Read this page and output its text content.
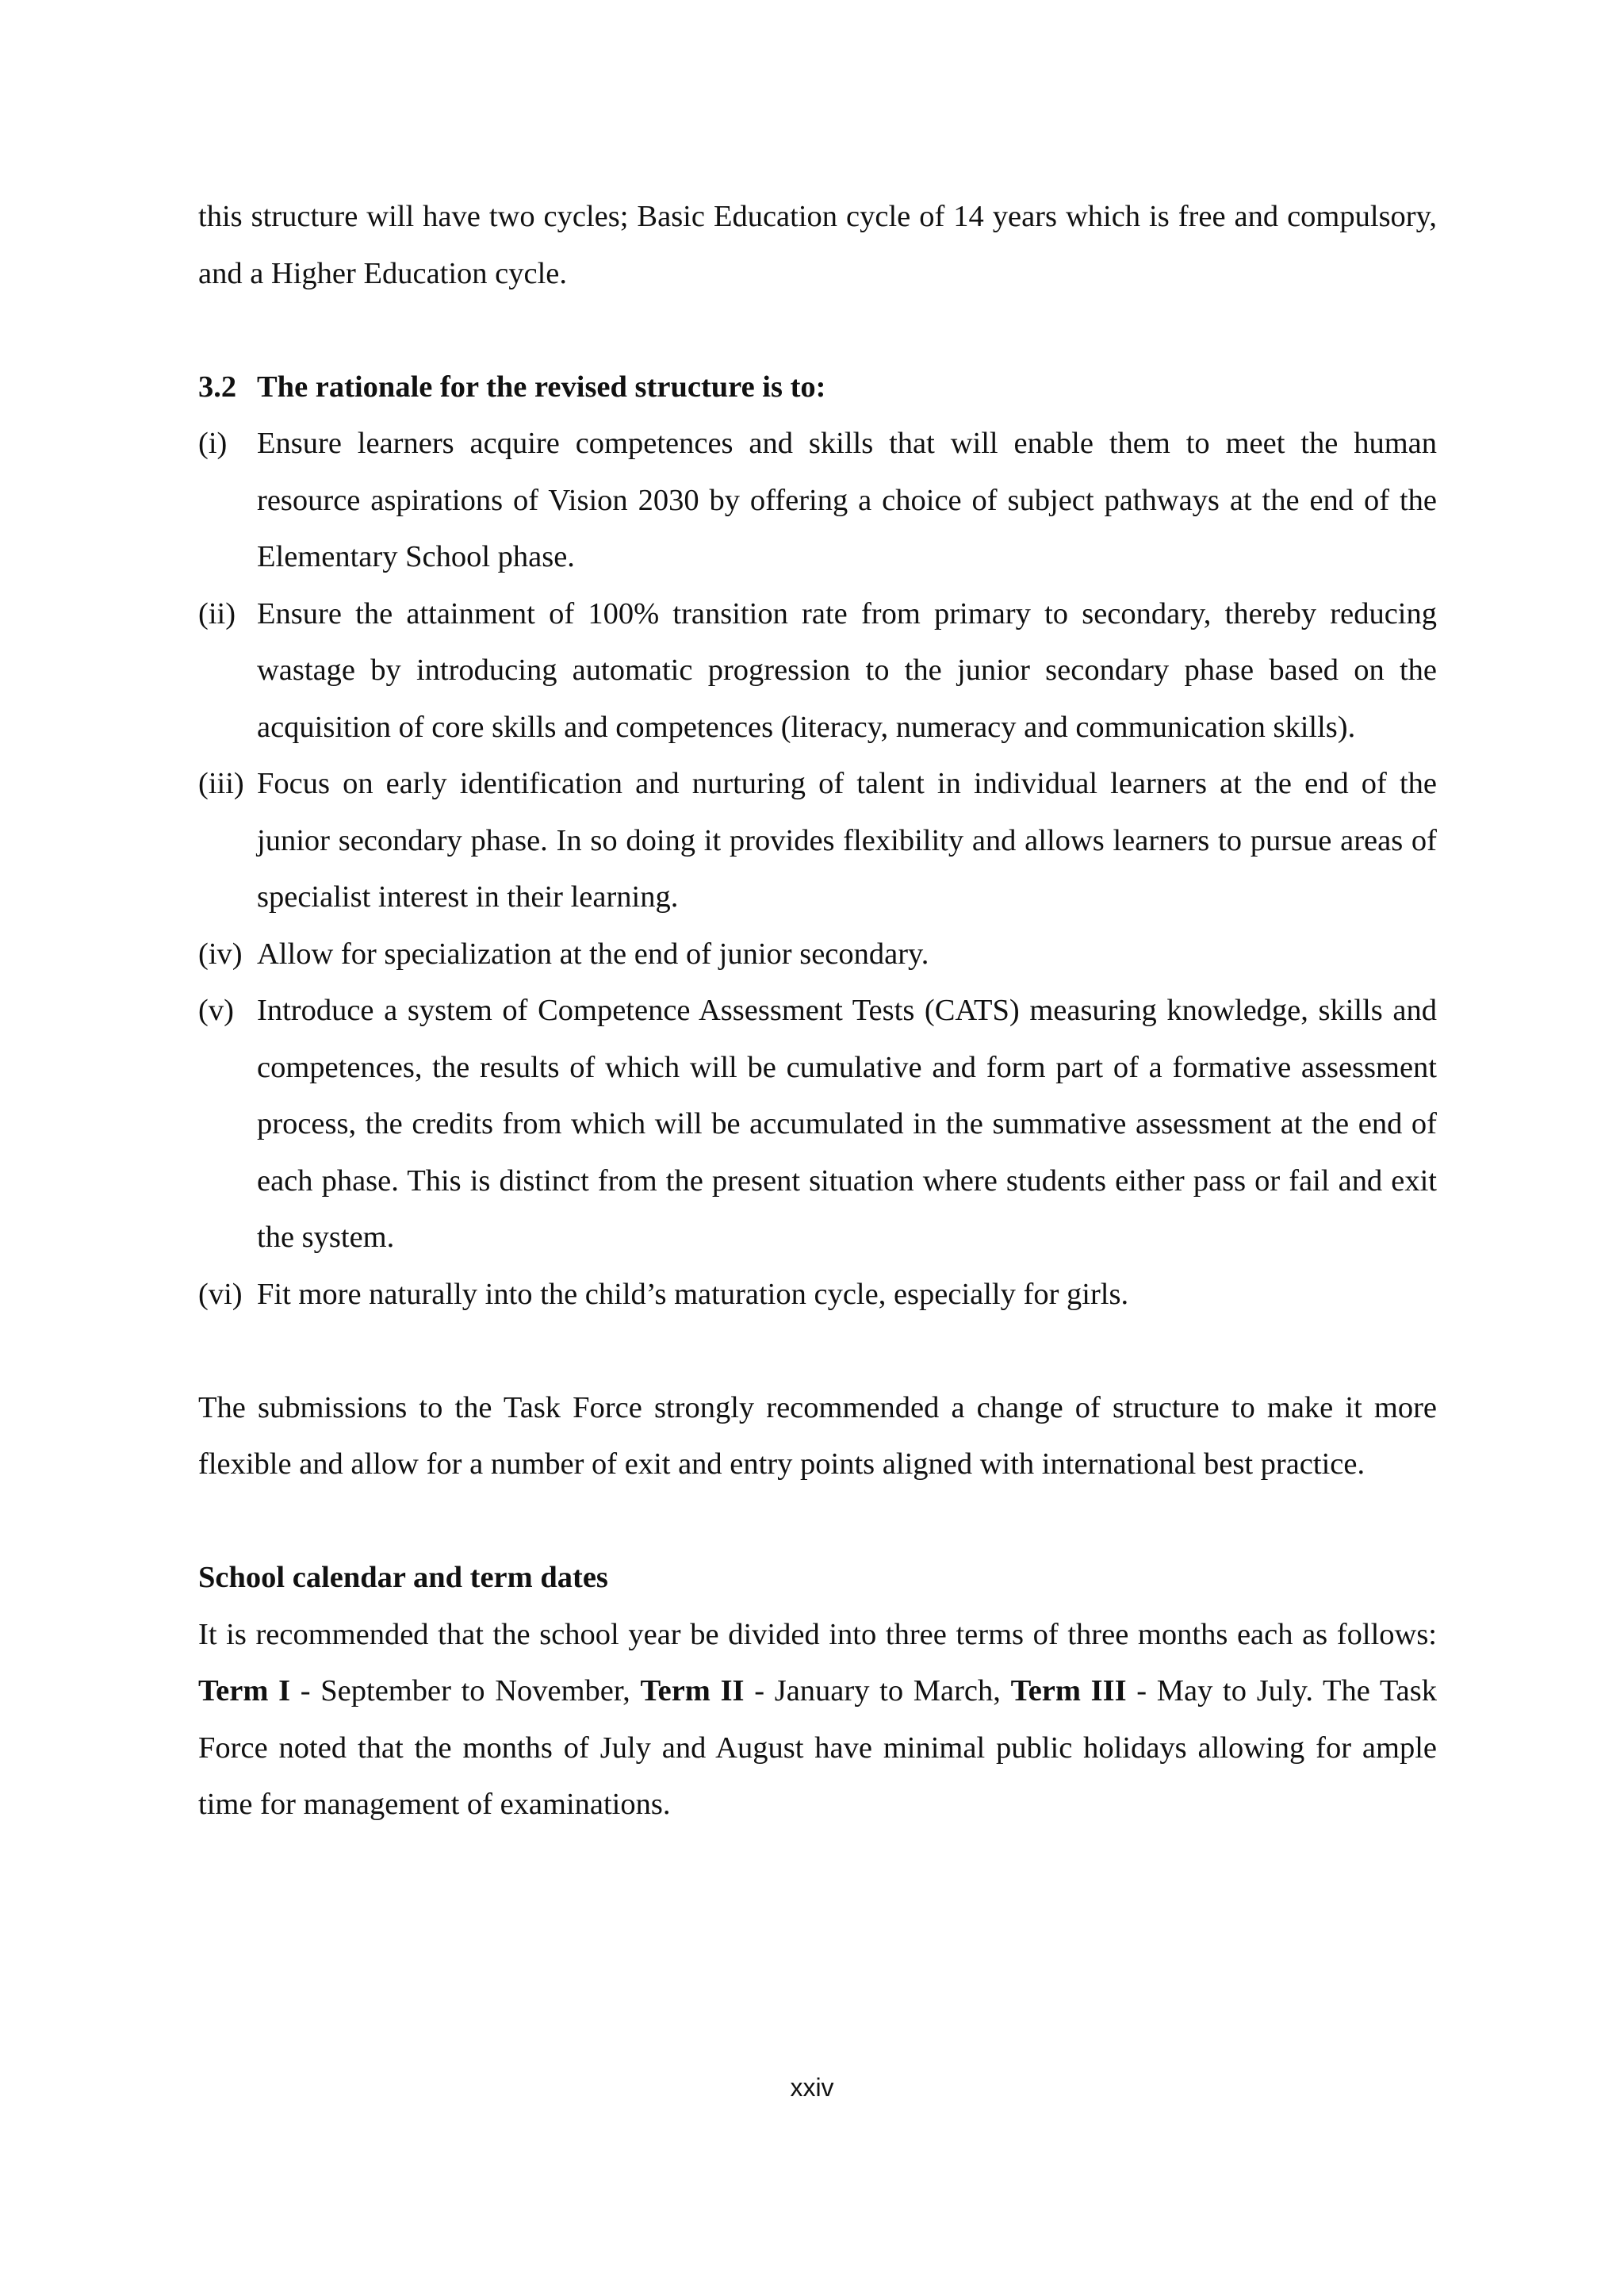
this structure will have two cycles; Basic Education cycle of 14 years which is free and compulsory, and a Higher Education cycle.

3.2 The rationale for the revised structure is to:

(i) Ensure learners acquire competences and skills that will enable them to meet the human resource aspirations of Vision 2030 by offering a choice of subject pathways at the end of the Elementary School phase.
(ii) Ensure the attainment of 100% transition rate from primary to secondary, thereby reducing wastage by introducing automatic progression to the junior secondary phase based on the acquisition of core skills and competences (literacy, numeracy and communication skills).
(iii) Focus on early identification and nurturing of talent in individual learners at the end of the junior secondary phase. In so doing it provides flexibility and allows learners to pursue areas of specialist interest in their learning.
(iv) Allow for specialization at the end of junior secondary.
(v) Introduce a system of Competence Assessment Tests (CATS) measuring knowledge, skills and competences, the results of which will be cumulative and form part of a formative assessment process, the credits from which will be accumulated in the summative assessment at the end of each phase. This is distinct from the present situation where students either pass or fail and exit the system.
(vi) Fit more naturally into the child’s maturation cycle, especially for girls.

The submissions to the Task Force strongly recommended a change of structure to make it more flexible and allow for a number of exit and entry points aligned with international best practice.

School calendar and term dates

It is recommended that the school year be divided into three terms of three months each as follows: Term I - September to November, Term II - January to March, Term III - May to July. The Task Force noted that the months of July and August have minimal public holidays allowing for ample time for management of examinations.

xxiv
